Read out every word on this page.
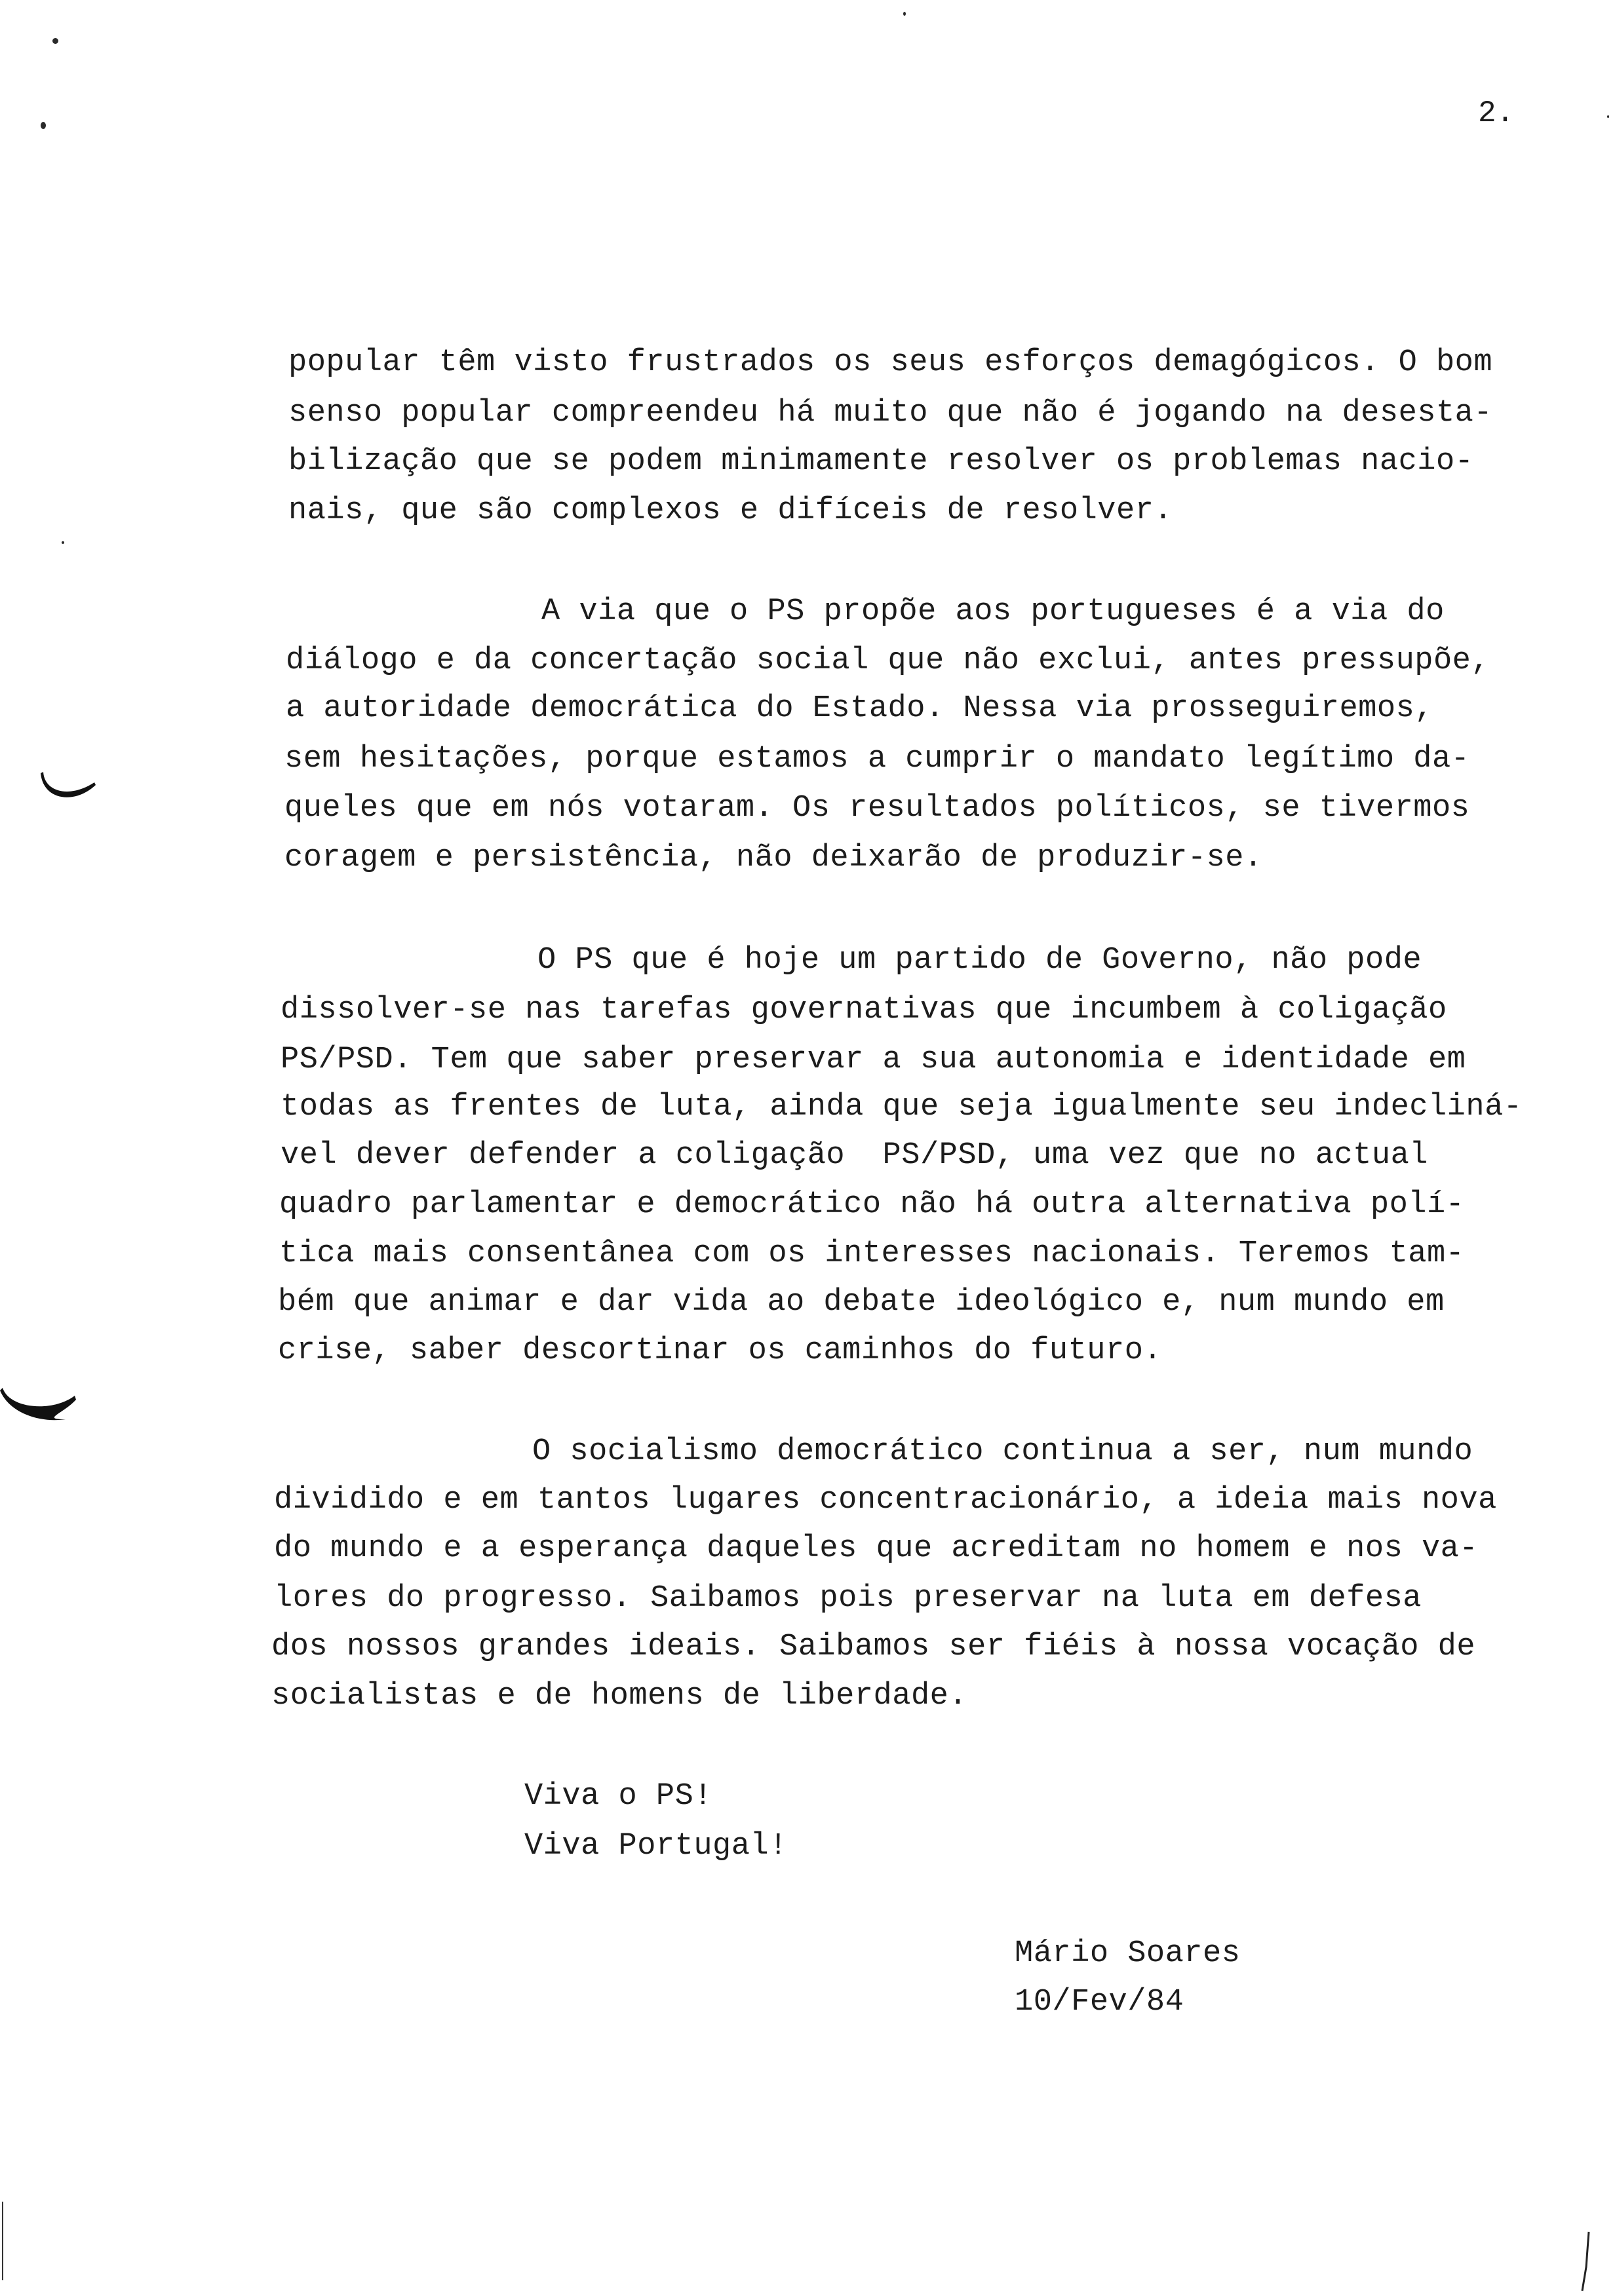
2.
popular têm visto frustrados os seus esforços demagógicos. O bom
senso popular compreendeu há muito que não é jogando na desesta-
bilização que se podem minimamente resolver os problemas nacio-
nais, que são complexos e difíceis de resolver.
A via que o PS propõe aos portugueses é a via do
diálogo e da concertação social que não exclui, antes pressupõe,
a autoridade democrática do Estado. Nessa via prosseguiremos,
sem hesitações, porque estamos a cumprir o mandato legítimo da-
queles que em nós votaram. Os resultados políticos, se tivermos
coragem e persistência, não deixarão de produzir-se.
O PS que é hoje um partido de Governo, não pode
dissolver-se nas tarefas governativas que incumbem à coligação
PS/PSD. Tem que saber preservar a sua autonomia e identidade em
todas as frentes de luta, ainda que seja igualmente seu indecliná-
vel dever defender a coligação  PS/PSD, uma vez que no actual
quadro parlamentar e democrático não há outra alternativa polí-
tica mais consentânea com os interesses nacionais. Teremos tam-
bém que animar e dar vida ao debate ideológico e, num mundo em
crise, saber descortinar os caminhos do futuro.
O socialismo democrático continua a ser, num mundo
dividido e em tantos lugares concentracionário, a ideia mais nova
do mundo e a esperança daqueles que acreditam no homem e nos va-
lores do progresso. Saibamos pois preservar na luta em defesa
dos nossos grandes ideais. Saibamos ser fiéis à nossa vocação de
socialistas e de homens de liberdade.
Viva o PS!
Viva Portugal!
Mário Soares
10/Fev/84
